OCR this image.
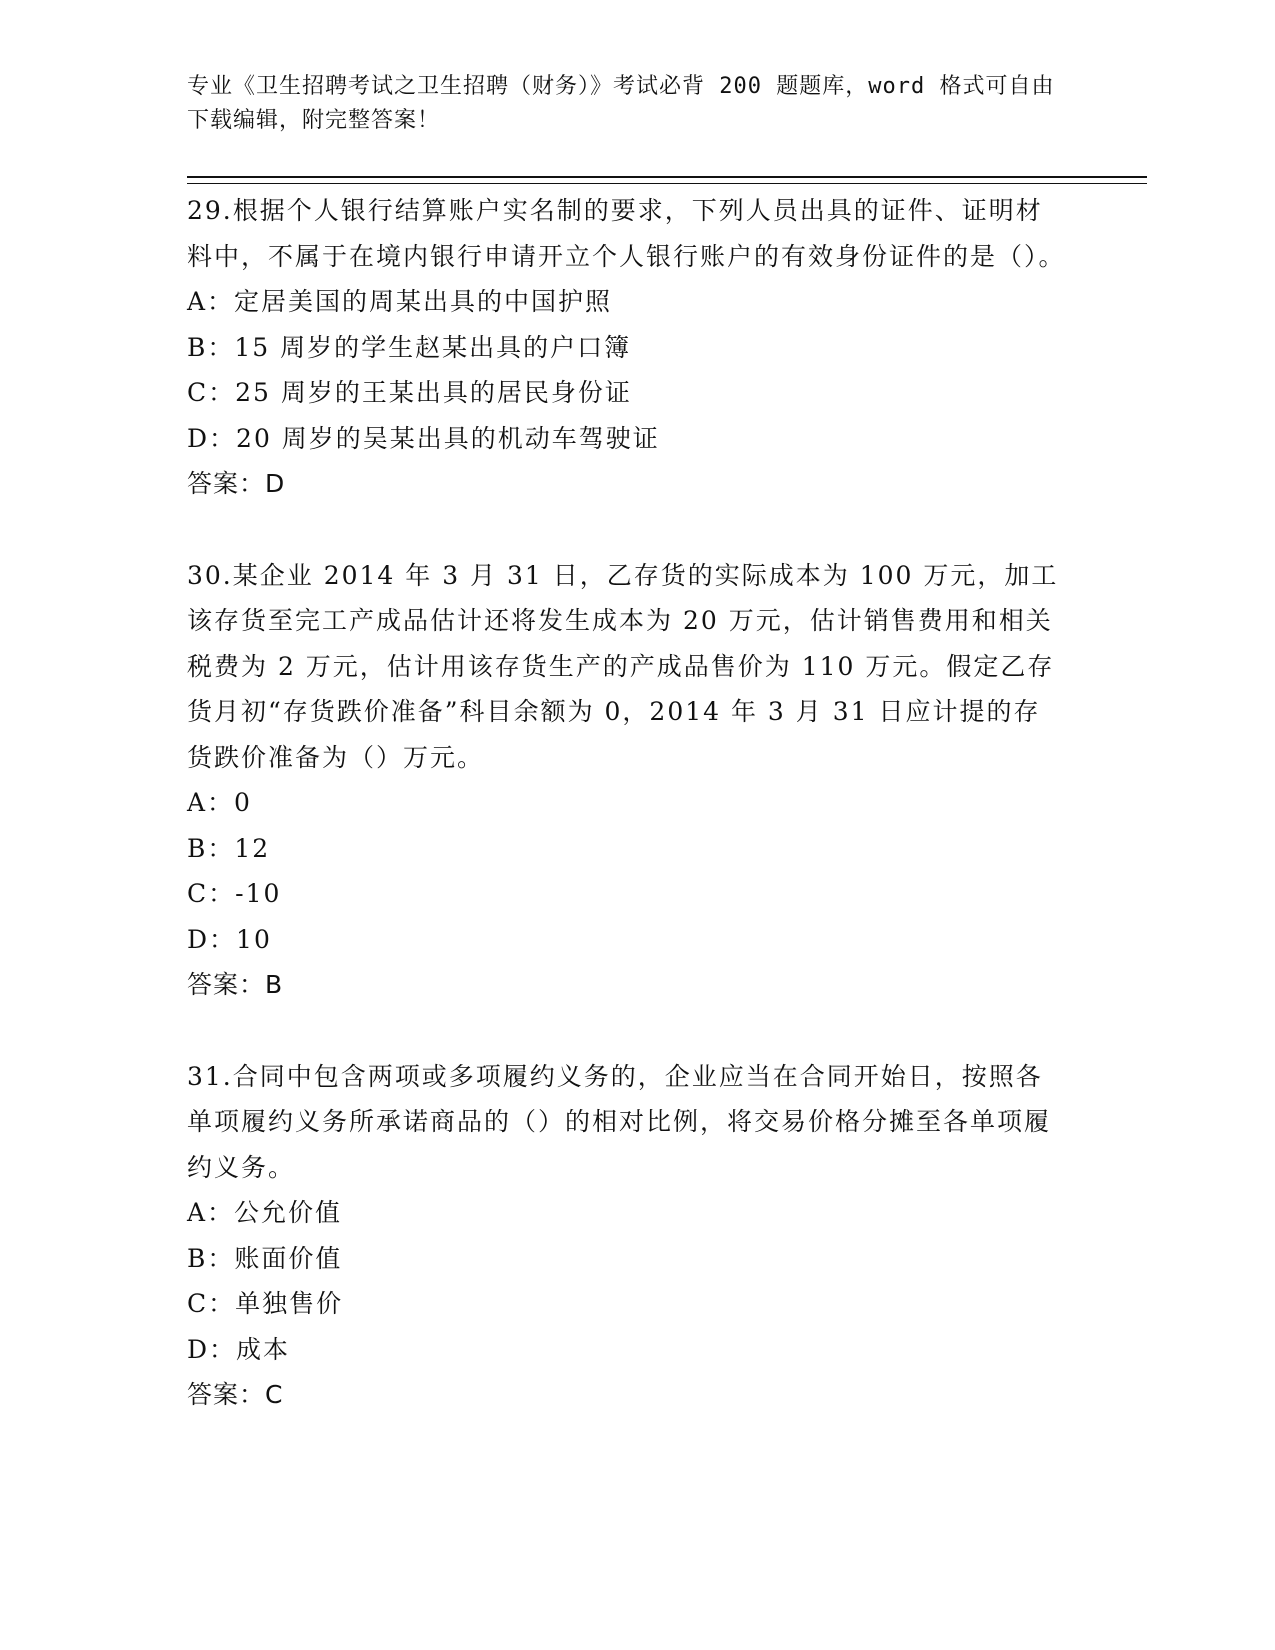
专业《卫生招聘考试之卫生招聘（财务）》考试必背 200 题题库，word 格式可自由下载编辑，附完整答案！

29.根据个人银行结算账户实名制的要求，下列人员出具的证件、证明材料中，不属于在境内银行申请开立个人银行账户的有效身份证件的是（）。

A：定居美国的周某出具的中国护照

B：15 周岁的学生赵某出具的户口簿

C：25 周岁的王某出具的居民身份证

D：20 周岁的吴某出具的机动车驾驶证

答案：D

30.某企业 2014 年 3 月 31 日，乙存货的实际成本为 100 万元，加工该存货至完工产成品估计还将发生成本为 20 万元，估计销售费用和相关税费为 2 万元，估计用该存货生产的产成品售价为 110 万元。假定乙存货月初“存货跌价准备”科目余额为 0，2014 年 3 月 31 日应计提的存货跌价准备为（）万元。

A：0

B：12

C：-10

D：10

答案：B

31.合同中包含两项或多项履约义务的，企业应当在合同开始日，按照各单项履约义务所承诺商品的（）的相对比例，将交易价格分摊至各单项履约义务。

A：公允价值

B：账面价值

C：单独售价

D：成本

答案：C
